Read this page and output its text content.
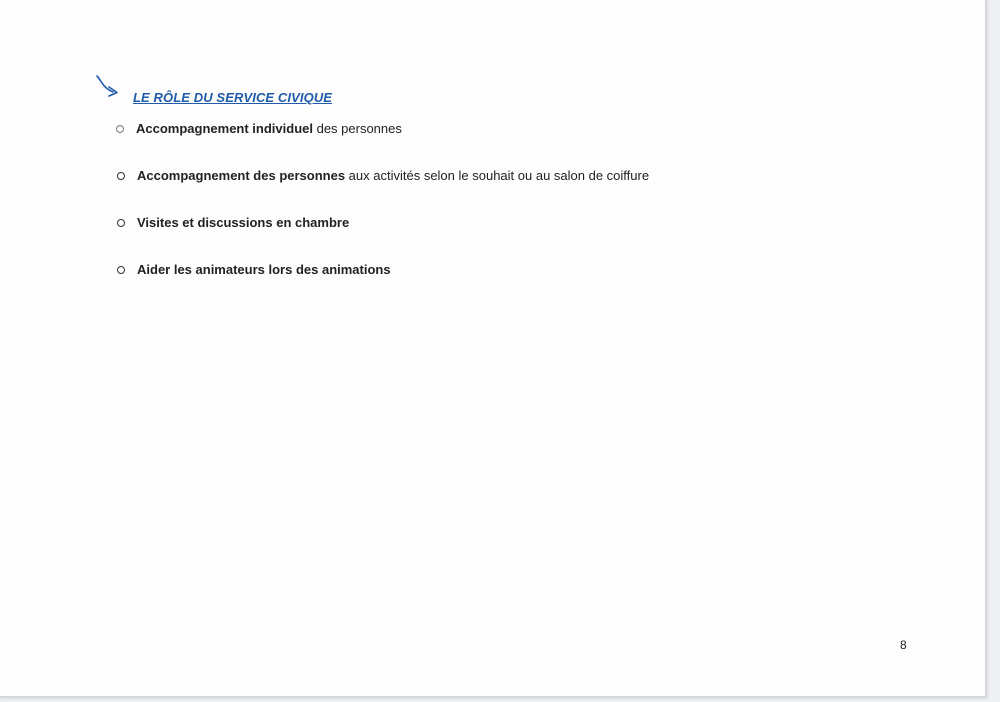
LE RÔLE DU SERVICE CIVIQUE
Accompagnement individuel des personnes
Accompagnement des personnes aux activités selon le souhait ou au salon de coiffure
Visites et discussions en chambre
Aider les animateurs lors des animations
8
